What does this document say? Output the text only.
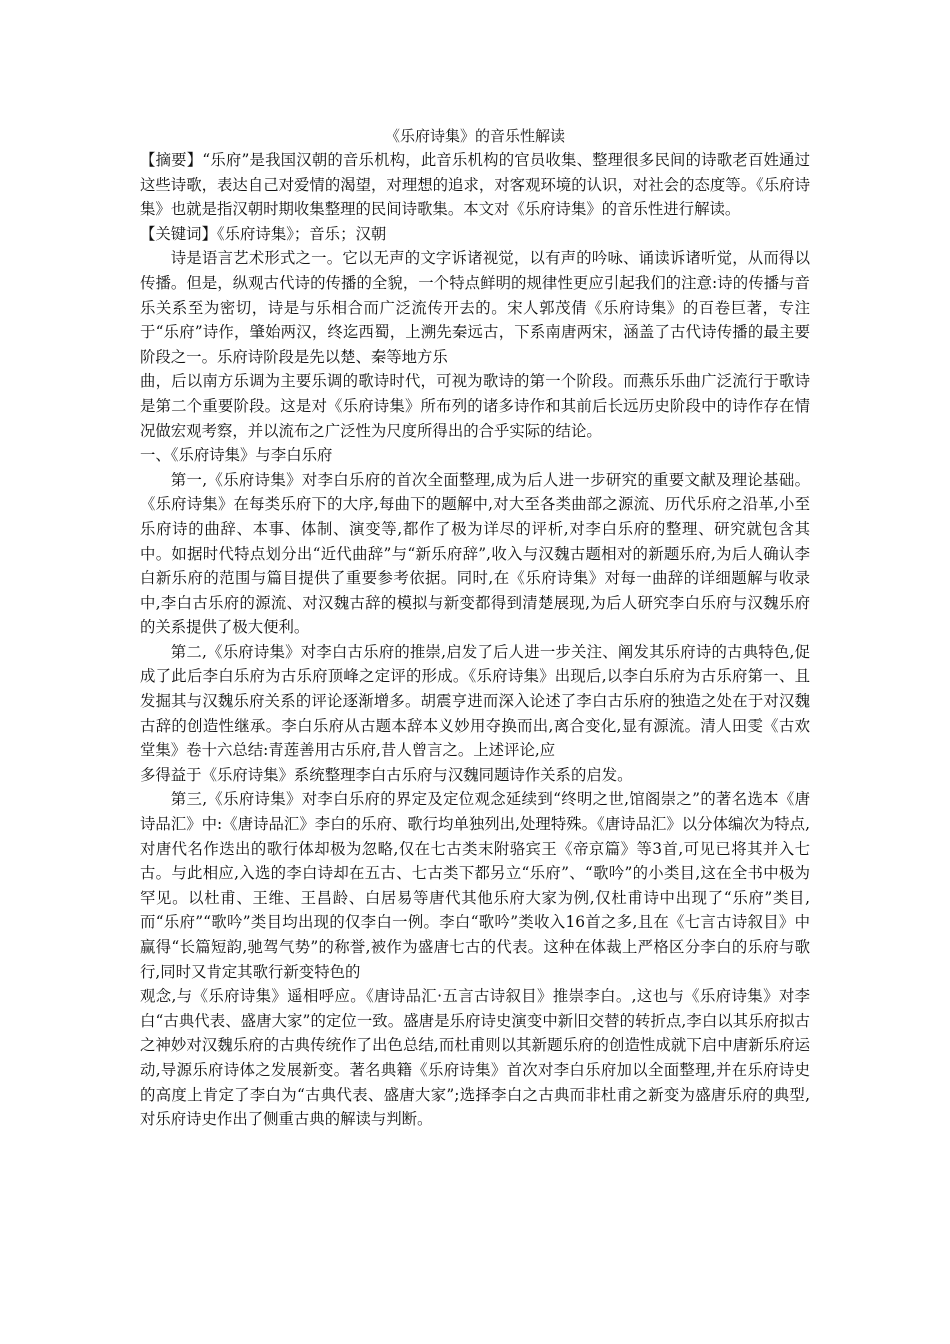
《乐府诗集》的音乐性解读

【摘要】“乐府”是我国汉朝的音乐机构，此音乐机构的官员收集、整理很多民间的诗歌老百姓通过这些诗歌，表达自己对爱情的渴望，对理想的追求，对客观环境的认识，对社会的态度等。《乐府诗集》也就是指汉朝时期收集整理的民间诗歌集。本文对《乐府诗集》的音乐性进行解读。

【关键词】《乐府诗集》；音乐；汉朝

诗是语言艺术形式之一。它以无声的文字诉诸视觉，以有声的吟咏、诵读诉诸听觉，从而得以传播。但是，纵观古代诗的传播的全貌，一个特点鲜明的规律性更应引起我们的注意:诗的传播与音乐关系至为密切，诗是与乐相合而广泛流传开去的。宋人郭茂倩《乐府诗集》的百卷巨著，专注于“乐府”诗作，肇始两汉，终迄西蜀，上溯先秦远古，下系南唐两宋，涵盖了古代诗传播的最主要阶段之一。乐府诗阶段是先以楚、秦等地方乐

曲，后以南方乐调为主要乐调的歌诗时代，可视为歌诗的第一个阶段。而燕乐乐曲广泛流行于歌诗是第二个重要阶段。这是对《乐府诗集》所布列的诸多诗作和其前后长远历史阶段中的诗作存在情况做宏观考察，并以流布之广泛性为尺度所得出的合乎实际的结论。

一、《乐府诗集》与李白乐府

第一,《乐府诗集》对李白乐府的首次全面整理,成为后人进一步研究的重要文献及理论基础。《乐府诗集》在每类乐府下的大序,每曲下的题解中,对大至各类曲部之源流、历代乐府之沿革,小至乐府诗的曲辞、本事、体制、演变等,都作了极为详尽的评析,对李白乐府的整理、研究就包含其中。如据时代特点划分出“近代曲辞”与“新乐府辞”,收入与汉魏古题相对的新题乐府,为后人确认李白新乐府的范围与篇目提供了重要参考依据。同时,在《乐府诗集》对每一曲辞的详细题解与收录中,李白古乐府的源流、对汉魏古辞的模拟与新变都得到清楚展现,为后人研究李白乐府与汉魏乐府的关系提供了极大便利。

第二,《乐府诗集》对李白古乐府的推崇,启发了后人进一步关注、阐发其乐府诗的古典特色,促成了此后李白乐府为古乐府顶峰之定评的形成。《乐府诗集》出现后,以李白乐府为古乐府第一、且发掘其与汉魏乐府关系的评论逐渐增多。胡震亨进而深入论述了李白古乐府的独造之处在于对汉魏古辞的创造性继承。李白乐府从古题本辞本义妙用夺换而出,离合变化,显有源流。清人田雯《古欢堂集》卷十六总结:青莲善用古乐府,昔人曾言之。上述评论,应

多得益于《乐府诗集》系统整理李白古乐府与汉魏同题诗作关系的启发。

第三,《乐府诗集》对李白乐府的界定及定位观念延续到“终明之世,馆阁崇之”的著名选本《唐诗品汇》中:《唐诗品汇》李白的乐府、歌行均单独列出,处理特殊。《唐诗品汇》以分体编次为特点,对唐代名作迭出的歌行体却极为忽略,仅在七古类末附骆宾王《帝京篇》等3首,可见已将其并入七古。与此相应,入选的李白诗却在五古、七古类下都另立“乐府”、“歌吟”的小类目,这在全书中极为罕见。以杜甫、王维、王昌龄、白居易等唐代其他乐府大家为例,仅杜甫诗中出现了“乐府”类目,而“乐府”“歌吟”类目均出现的仅李白一例。李白“歌吟”类收入16首之多,且在《七言古诗叙目》中赢得“长篇短韵,驰驾气势”的称誉,被作为盛唐七古的代表。这种在体裁上严格区分李白的乐府与歌行,同时又肯定其歌行新变特色的

观念,与《乐府诗集》遥相呼应。《唐诗品汇·五言古诗叙目》推崇李白。,这也与《乐府诗集》对李白“古典代表、盛唐大家”的定位一致。盛唐是乐府诗史演变中新旧交替的转折点,李白以其乐府拟古之神妙对汉魏乐府的古典传统作了出色总结,而杜甫则以其新题乐府的创造性成就下启中唐新乐府运动,导源乐府诗体之发展新变。著名典籍《乐府诗集》首次对李白乐府加以全面整理,并在乐府诗史的高度上肯定了李白为“古典代表、盛唐大家”;选择李白之古典而非杜甫之新变为盛唐乐府的典型,对乐府诗史作出了侧重古典的解读与判断。
